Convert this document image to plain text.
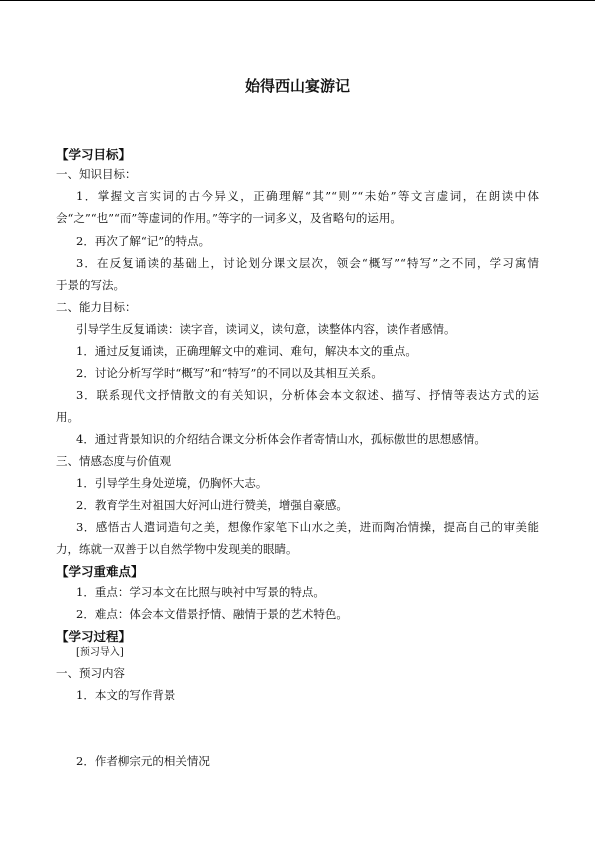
始得西山宴游记
【学习目标】
一、知识目标：
1．掌握文言实词的古今异义，正确理解“其”“则”“未始”等文言虚词，在朗读中体
会“之”“也”“而”等虚词的作用。”等字的一词多义，及省略句的运用。
2．再次了解“记”的特点。
3．在反复诵读的基础上，讨论划分课文层次，领会“概写”“特写”之不同，学习寓情
于景的写法。
二、能力目标：
引导学生反复诵读：读字音，读词义，读句意，读整体内容，读作者感情。
1．通过反复诵读，正确理解文中的难词、难句，解决本文的重点。
2．讨论分析写学时“概写”和“特写”的不同以及其相互关系。
3．联系现代文抒情散文的有关知识，分析体会本文叙述、描写、抒情等表达方式的运
用。
4．通过背景知识的介绍结合课文分析体会作者寄情山水，孤标傲世的思想感情。
三、情感态度与价值观
1．引导学生身处逆境，仍胸怀大志。
2．教育学生对祖国大好河山进行赞美，增强自豪感。
3．感悟古人遣词造句之美，想像作家笔下山水之美，进而陶冶情操，提高自己的审美能
力，练就一双善于以自然学物中发现美的眼睛。
【学习重难点】
1．重点：学习本文在比照与映衬中写景的特点。
2．难点：体会本文借景抒情、融情于景的艺术特色。
【学习过程】
[预习导入]
一、预习内容
1．本文的写作背景
2．作者柳宗元的相关情况
